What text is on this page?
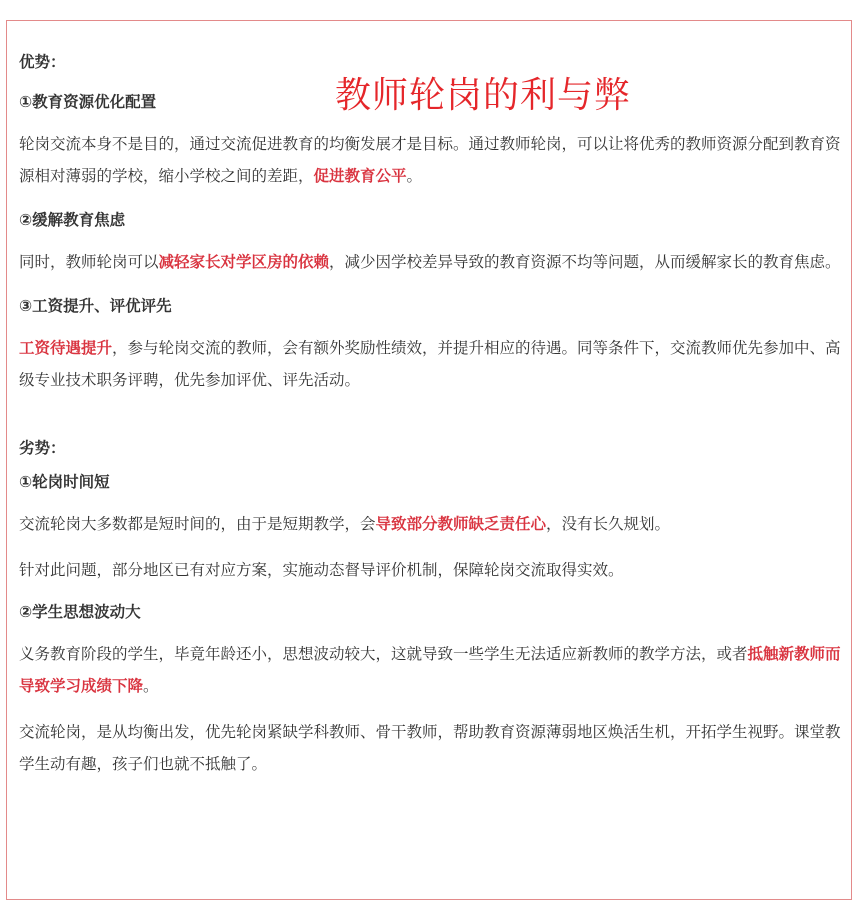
教师轮岗的利与弊
优势：
①教育资源优化配置
轮岗交流本身不是目的，通过交流促进教育的均衡发展才是目标。通过教师轮岗，可以让将优秀的教师资源分配到教育资源相对薄弱的学校，缩小学校之间的差距，促进教育公平。
②缓解教育焦虑
同时，教师轮岗可以减轻家长对学区房的依赖，减少因学校差异导致的教育资源不均等问题，从而缓解家长的教育焦虑。
③工资提升、评优评先
工资待遇提升，参与轮岗交流的教师，会有额外奖励性绩效，并提升相应的待遇。同等条件下，交流教师优先参加中、高级专业技术职务评聘，优先参加评优、评先活动。
劣势：
①轮岗时间短
交流轮岗大多数都是短时间的，由于是短期教学，会导致部分教师缺乏责任心，没有长久规划。
针对此问题，部分地区已有对应方案，实施动态督导评价机制，保障轮岗交流取得实效。
②学生思想波动大
义务教育阶段的学生，毕竟年龄还小，思想波动较大，这就导致一些学生无法适应新教师的教学方法，或者抵触新教师而导致学习成绩下降。
交流轮岗，是从均衡出发，优先轮岗紧缺学科教师、骨干教师，帮助教育资源薄弱地区焕活生机，开拓学生视野。课堂教学生动有趣，孩子们也就不抵触了。
